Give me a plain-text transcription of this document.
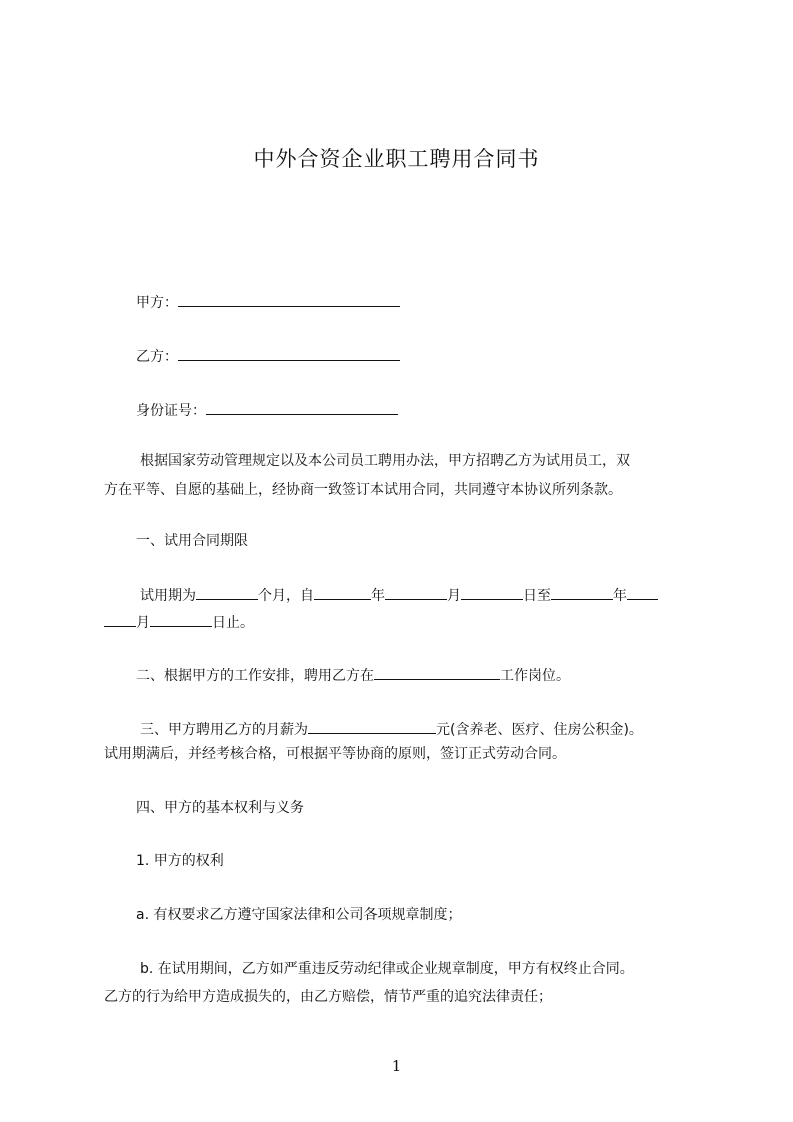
中外合资企业职工聘用合同书
甲方：
乙方：
身份证号：
根据国家劳动管理规定以及本公司员工聘用办法，甲方招聘乙方为试用员工，双
方在平等、自愿的基础上，经协商一致签订本试用合同，共同遵守本协议所列条款。
一、试用合同期限
试用期为	个月，自	年	月	日至	年
月	日止。
二、根据甲方的工作安排，聘用乙方在	工作岗位。
三、甲方聘用乙方的月薪为	元(含养老、医疗、住房公积金)。
试用期满后，并经考核合格，可根据平等协商的原则，签订正式劳动合同。
四、甲方的基本权利与义务
1. 甲方的权利
a. 有权要求乙方遵守国家法律和公司各项规章制度；
b. 在试用期间，乙方如严重违反劳动纪律或企业规章制度，甲方有权终止合同。
乙方的行为给甲方造成损失的，由乙方赔偿，情节严重的追究法律责任；
1
